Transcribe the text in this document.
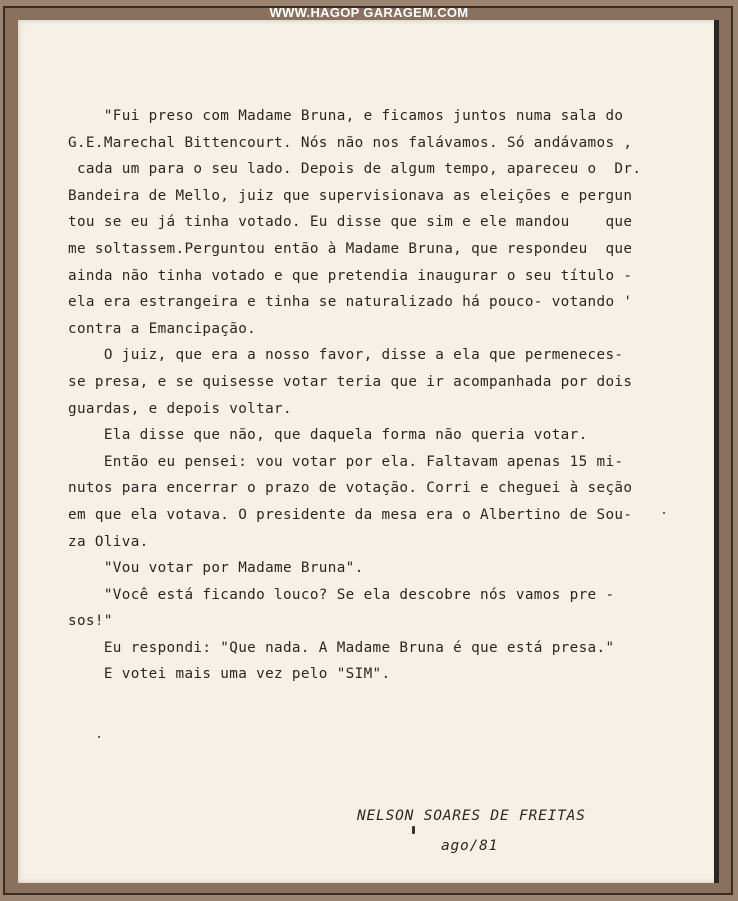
WWW.HAGOP GARAGEM.COM
"Fui preso com Madame Bruna, e ficamos juntos numa sala do
G.E.Marechal Bittencourt. Nós não nos falávamos. Só andávamos ,
cada um para o seu lado. Depois de algum tempo, apareceu o  Dr.
Bandeira de Mello, juiz que supervisionava as eleições e pergun
tou se eu já tinha votado. Eu disse que sim e ele mandou    que
me soltassem.Perguntou então à Madame Bruna, que respondeu  que
ainda não tinha votado e que pretendia inaugurar o seu título -
ela era estrangeira e tinha se naturalizado há pouco- votando '
contra a Emancipação.
O juiz, que era a nosso favor, disse a ela que permeneces-
se presa, e se quisesse votar teria que ir acompanhada por dois
guardas, e depois voltar.
Ela disse que não, que daquela forma não queria votar.
Então eu pensei: vou votar por ela. Faltavam apenas 15 mi-
nutos para encerrar o prazo de votação. Corri e cheguei à seção
em que ela votava. O presidente da mesa era o Albertino de Sou-
za Oliva.
"Vou votar por Madame Bruna".
"Você está ficando louco? Se ela descobre nós vamos pre -
sos!"
Eu respondi: "Que nada. A Madame Bruna é que está presa."
E votei mais uma vez pelo "SIM".
NELSON SOARES DE FREITAS
ago/81
